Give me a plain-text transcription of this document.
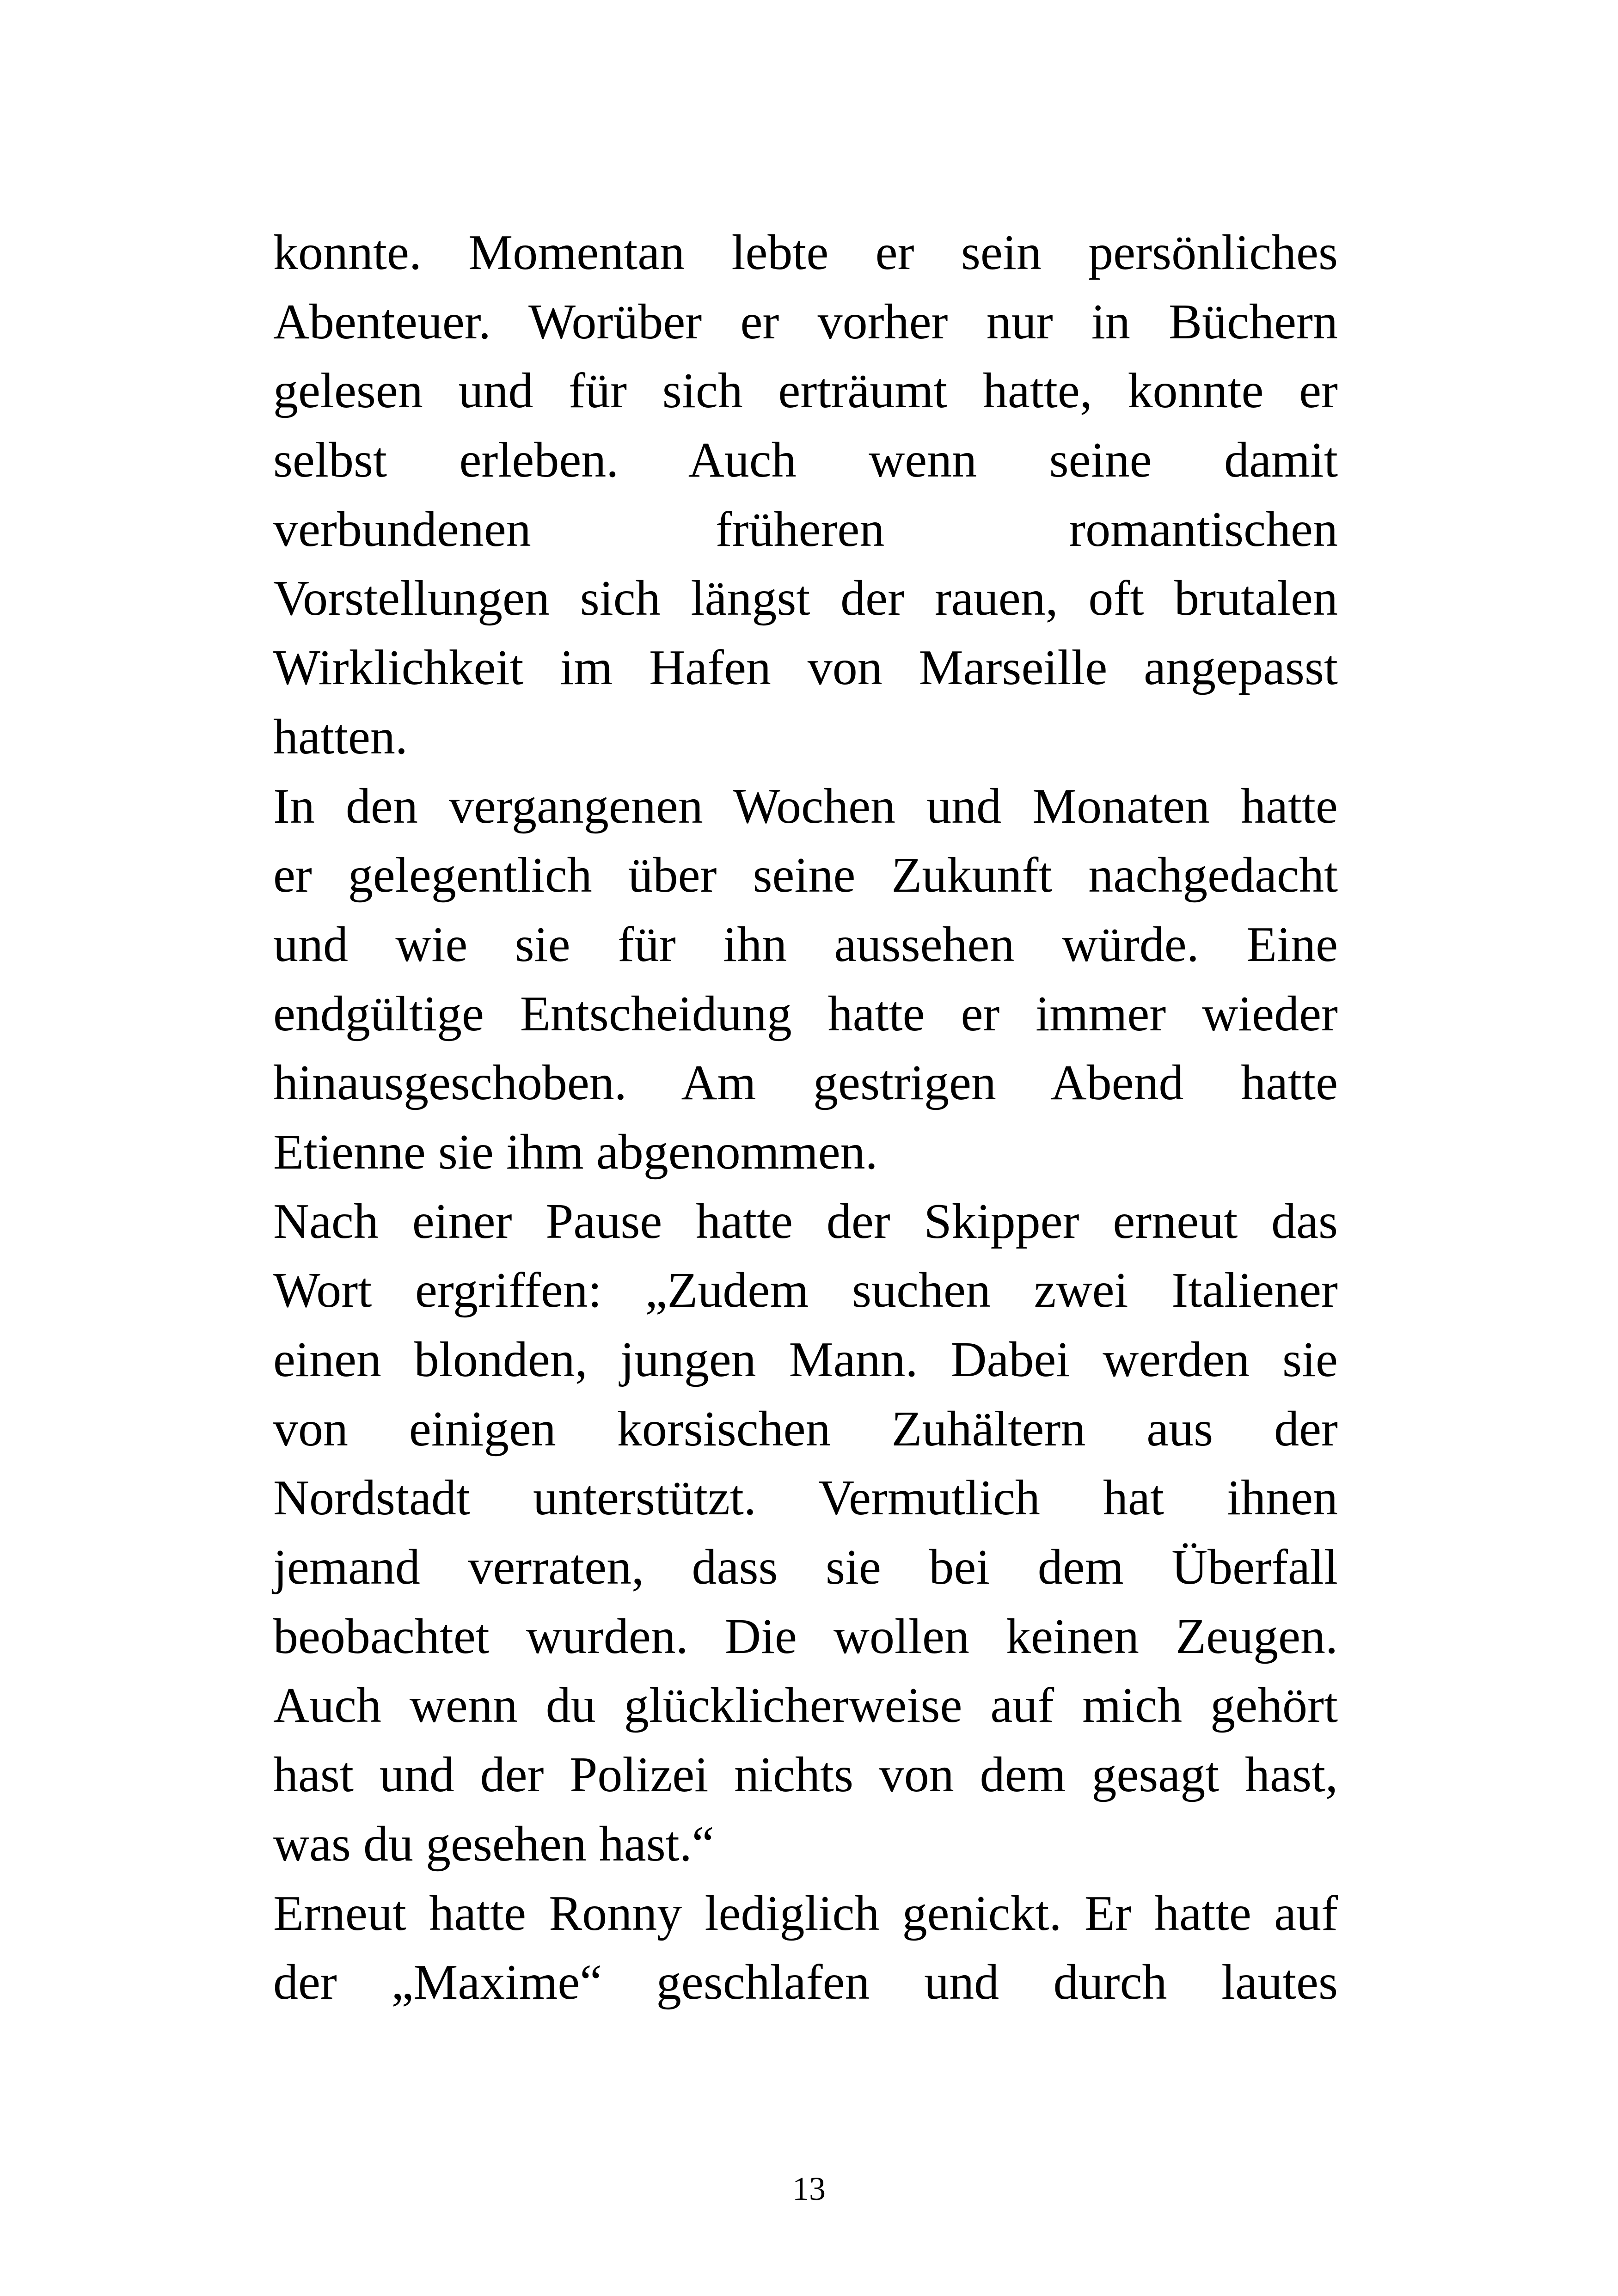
konnte. Momentan lebte er sein persönliches
Abenteuer. Worüber er vorher nur in Büchern
gelesen und für sich erträumt hatte, konnte er
selbst erleben. Auch wenn seine damit
verbundenen früheren romantischen
Vorstellungen sich längst der rauen, oft brutalen
Wirklichkeit im Hafen von Marseille angepasst
hatten.
In den vergangenen Wochen und Monaten hatte
er gelegentlich über seine Zukunft nachgedacht
und wie sie für ihn aussehen würde. Eine
endgültige Entscheidung hatte er immer wieder
hinausgeschoben. Am gestrigen Abend hatte
Etienne sie ihm abgenommen.
Nach einer Pause hatte der Skipper erneut das
Wort ergriffen: „Zudem suchen zwei Italiener
einen blonden, jungen Mann. Dabei werden sie
von einigen korsischen Zuhältern aus der
Nordstadt unterstützt. Vermutlich hat ihnen
jemand verraten, dass sie bei dem Überfall
beobachtet wurden. Die wollen keinen Zeugen.
Auch wenn du glücklicherweise auf mich gehört
hast und der Polizei nichts von dem gesagt hast,
was du gesehen hast.“
Erneut hatte Ronny lediglich genickt. Er hatte auf
der „Maxime“ geschlafen und durch lautes
13
